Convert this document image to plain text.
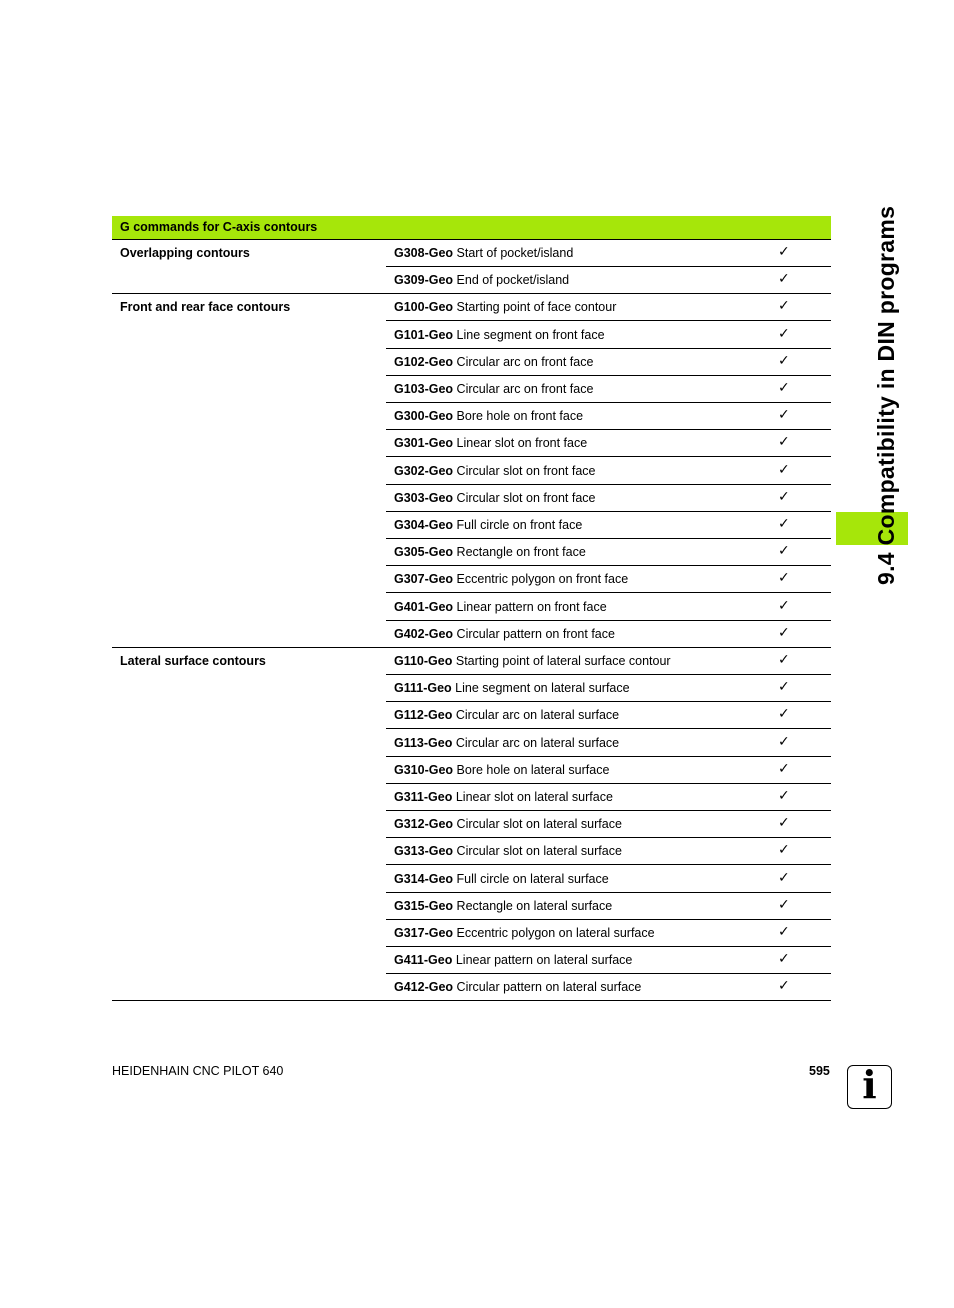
G commands for C-axis contours
Overlapping contours	G308-Geo Start of pocket/island	✓
G309-Geo End of pocket/island	✓
Front and rear face contours	G100-Geo Starting point of face contour	✓
G101-Geo Line segment on front face	✓
G102-Geo Circular arc on front face	✓
G103-Geo Circular arc on front face	✓
G300-Geo Bore hole on front face	✓
G301-Geo Linear slot on front face	✓
G302-Geo Circular slot on front face	✓
G303-Geo Circular slot on front face	✓
G304-Geo Full circle on front face	✓
G305-Geo Rectangle on front face	✓
G307-Geo Eccentric polygon on front face	✓
G401-Geo Linear pattern on front face	✓
G402-Geo Circular pattern on front face	✓
Lateral surface contours	G110-Geo Starting point of lateral surface contour	✓
G111-Geo Line segment on lateral surface	✓
G112-Geo Circular arc on lateral surface	✓
G113-Geo Circular arc on lateral surface	✓
G310-Geo Bore hole on lateral surface	✓
G311-Geo Linear slot on lateral surface	✓
G312-Geo Circular slot on lateral surface	✓
G313-Geo Circular slot on lateral surface	✓
G314-Geo Full circle on lateral surface	✓
G315-Geo Rectangle on lateral surface	✓
G317-Geo Eccentric polygon on lateral surface	✓
G411-Geo Linear pattern on lateral surface	✓
G412-Geo Circular pattern on lateral surface	✓
9.4 Compatibility in DIN programs
HEIDENHAIN CNC PILOT 640	595 i
